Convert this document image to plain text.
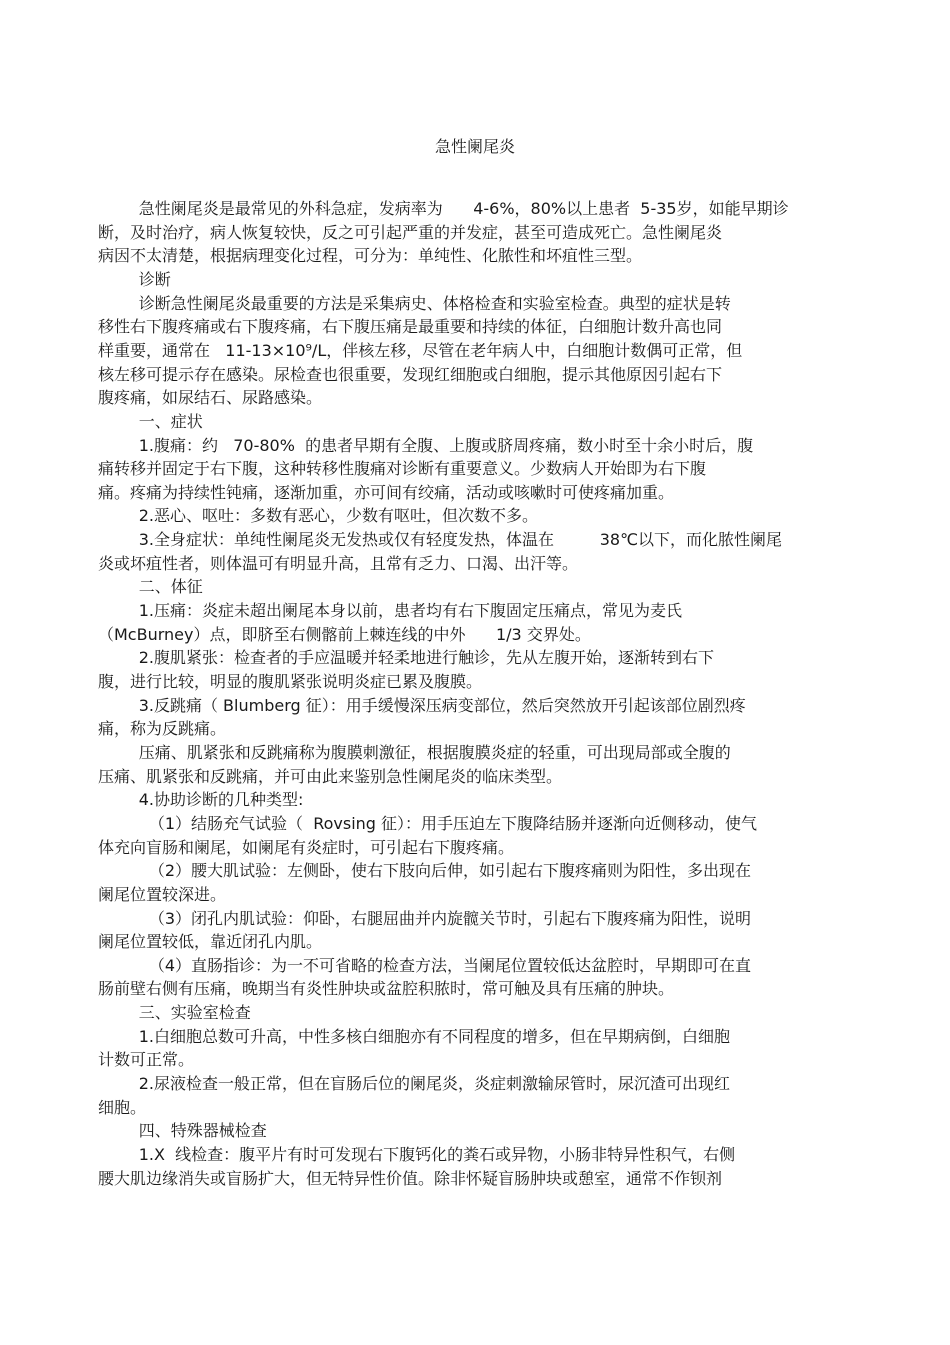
急性阑尾炎
急性阑尾炎是最常见的外科急症，发病率为      4-6%，80%以上患者  5-35岁，如能早期诊
断，及时治疗，病人恢复较快，反之可引起严重的并发症，甚至可造成死亡。急性阑尾炎
病因不太清楚，根据病理变化过程，可分为：单纯性、化脓性和坏疽性三型。
诊断
诊断急性阑尾炎最重要的方法是采集病史、体格检查和实验室检查。典型的症状是转
移性右下腹疼痛或右下腹疼痛，右下腹压痛是最重要和持续的体征，白细胞计数升高也同
样重要，通常在   11-13×10⁹/L，伴核左移，尽管在老年病人中，白细胞计数偶可正常，但
核左移可提示存在感染。尿检查也很重要，发现红细胞或白细胞，提示其他原因引起右下
腹疼痛，如尿结石、尿路感染。
一、症状
1.腹痛：约   70-80%  的患者早期有全腹、上腹或脐周疼痛，数小时至十余小时后，腹
痛转移并固定于右下腹，这种转移性腹痛对诊断有重要意义。少数病人开始即为右下腹
痛。疼痛为持续性钝痛，逐渐加重，亦可间有绞痛，活动或咳嗽时可使疼痛加重。
2.恶心、呕吐：多数有恶心，少数有呕吐，但次数不多。
3.全身症状：单纯性阑尾炎无发热或仅有轻度发热，体温在         38℃以下，而化脓性阑尾
炎或坏疽性者，则体温可有明显升高，且常有乏力、口渴、出汗等。
二、体征
1.压痛：炎症未超出阑尾本身以前，患者均有右下腹固定压痛点，常见为麦氏
（McBurney）点，即脐至右侧髂前上棘连线的中外      1/3 交界处。
2.腹肌紧张：检查者的手应温暖并轻柔地进行触诊，先从左腹开始，逐渐转到右下
腹，进行比较，明显的腹肌紧张说明炎症已累及腹膜。
3.反跳痛（ Blumberg 征）：用手缓慢深压病变部位，然后突然放开引起该部位剧烈疼
痛，称为反跳痛。
压痛、肌紧张和反跳痛称为腹膜刺激征，根据腹膜炎症的轻重，可出现局部或全腹的
压痛、肌紧张和反跳痛，并可由此来鉴别急性阑尾炎的临床类型。
4.协助诊断的几种类型:
（1）结肠充气试验（  Rovsing 征）：用手压迫左下腹降结肠并逐渐向近侧移动，使气
体充向盲肠和阑尾，如阑尾有炎症时，可引起右下腹疼痛。
（2）腰大肌试验：左侧卧，使右下肢向后伸，如引起右下腹疼痛则为阳性，多出现在
阑尾位置较深进。
（3）闭孔内肌试验：仰卧，右腿屈曲并内旋髋关节时，引起右下腹疼痛为阳性，说明
阑尾位置较低，靠近闭孔内肌。
（4）直肠指诊：为一不可省略的检查方法，当阑尾位置较低达盆腔时，早期即可在直
肠前壁右侧有压痛，晚期当有炎性肿块或盆腔积脓时，常可触及具有压痛的肿块。
三、实验室检查
1.白细胞总数可升高，中性多核白细胞亦有不同程度的增多，但在早期病倒，白细胞
计数可正常。
2.尿液检查一般正常，但在盲肠后位的阑尾炎，炎症刺激输尿管时，尿沉渣可出现红
细胞。
四、特殊器械检查
1.X  线检查：腹平片有时可发现右下腹钙化的粪石或异物，小肠非特异性积气，右侧
腰大肌边缘消失或盲肠扩大，但无特异性价值。除非怀疑盲肠肿块或憩室，通常不作钡剂
